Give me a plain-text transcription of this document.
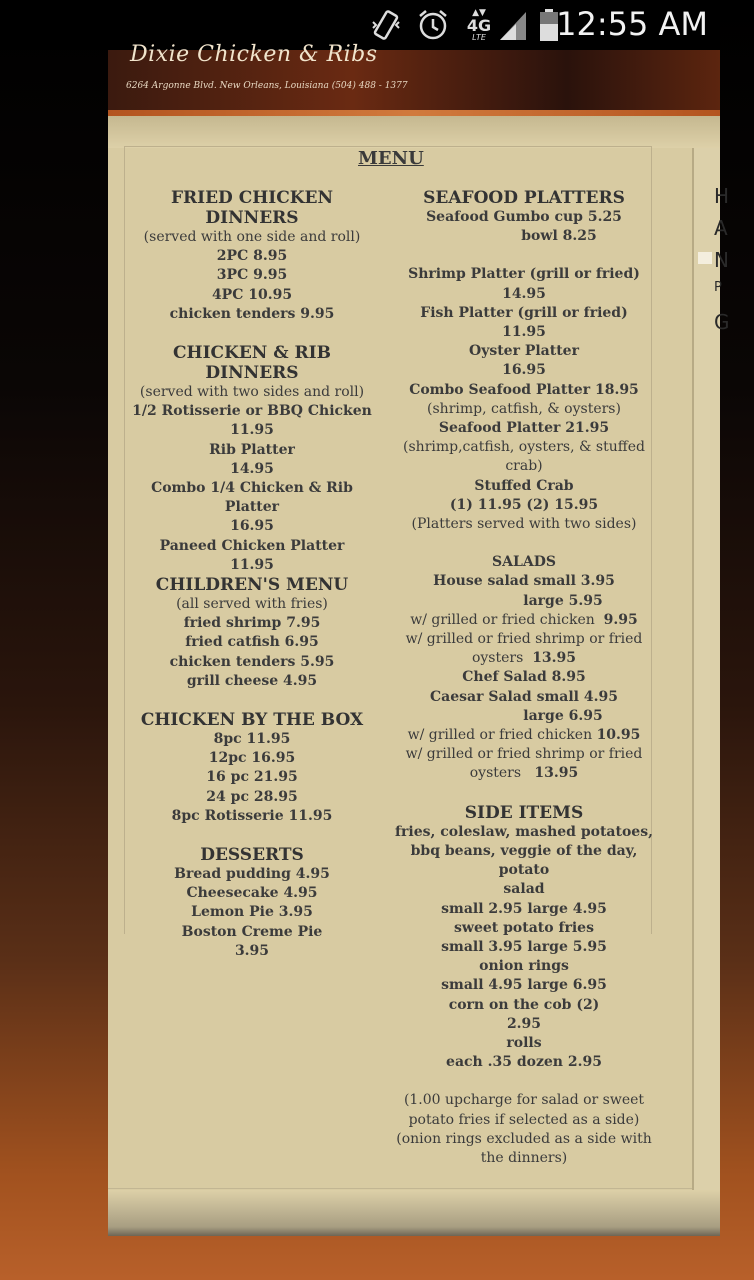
▲▼
4G
LTE 12:55 AM
Dixie Chicken & Ribs
6264 Argonne Blvd. New Orleans, Louisiana (504) 488 - 1377
H
A
N
P
G
MENU
FRIED CHICKEN DINNERS
(served with one side and roll)
2PC 8.95
3PC 9.95
4PC 10.95
chicken tenders 9.95
CHICKEN & RIB DINNERS
(served with two sides and roll)
1/2 Rotisserie or BBQ Chicken
11.95
Rib Platter
14.95
Combo 1/4 Chicken & Rib Platter
16.95
Paneed Chicken Platter
11.95
CHILDREN'S MENU
(all served with fries)
fried shrimp 7.95
fried catfish 6.95
chicken tenders 5.95
grill cheese 4.95
CHICKEN BY THE BOX
8pc 11.95
12pc 16.95
16 pc 21.95
24 pc 28.95
8pc Rotisserie 11.95
DESSERTS
Bread pudding 4.95
Cheesecake 4.95
Lemon Pie 3.95
Boston Creme Pie
3.95
SEAFOOD PLATTERS
Seafood Gumbo cup 5.25
bowl 8.25
Shrimp Platter (grill or fried)
14.95
Fish Platter (grill or fried)
11.95
Oyster Platter
16.95
Combo Seafood Platter 18.95
(shrimp, catfish, & oysters)
Seafood Platter 21.95
(shrimp,catfish, oysters, & stuffed
crab)
Stuffed Crab
(1) 11.95 (2) 15.95
(Platters served with two sides)
SALADS
House salad small 3.95
large 5.95
w/ grilled or fried chicken 9.95
w/ grilled or fried shrimp or fried
oysters 13.95
Chef Salad 8.95
Caesar Salad small 4.95
large 6.95
w/ grilled or fried chicken 10.95
w/ grilled or fried shrimp or fried
oysters 13.95
SIDE ITEMS
fries, coleslaw, mashed potatoes,
bbq beans, veggie of the day, potato
salad
small 2.95 large 4.95
sweet potato fries
small 3.95 large 5.95
onion rings
small 4.95 large 6.95
corn on the cob (2)
2.95
rolls
each .35 dozen 2.95
(1.00 upcharge for salad or sweet
potato fries if selected as a side)
(onion rings excluded as a side with
the dinners)
